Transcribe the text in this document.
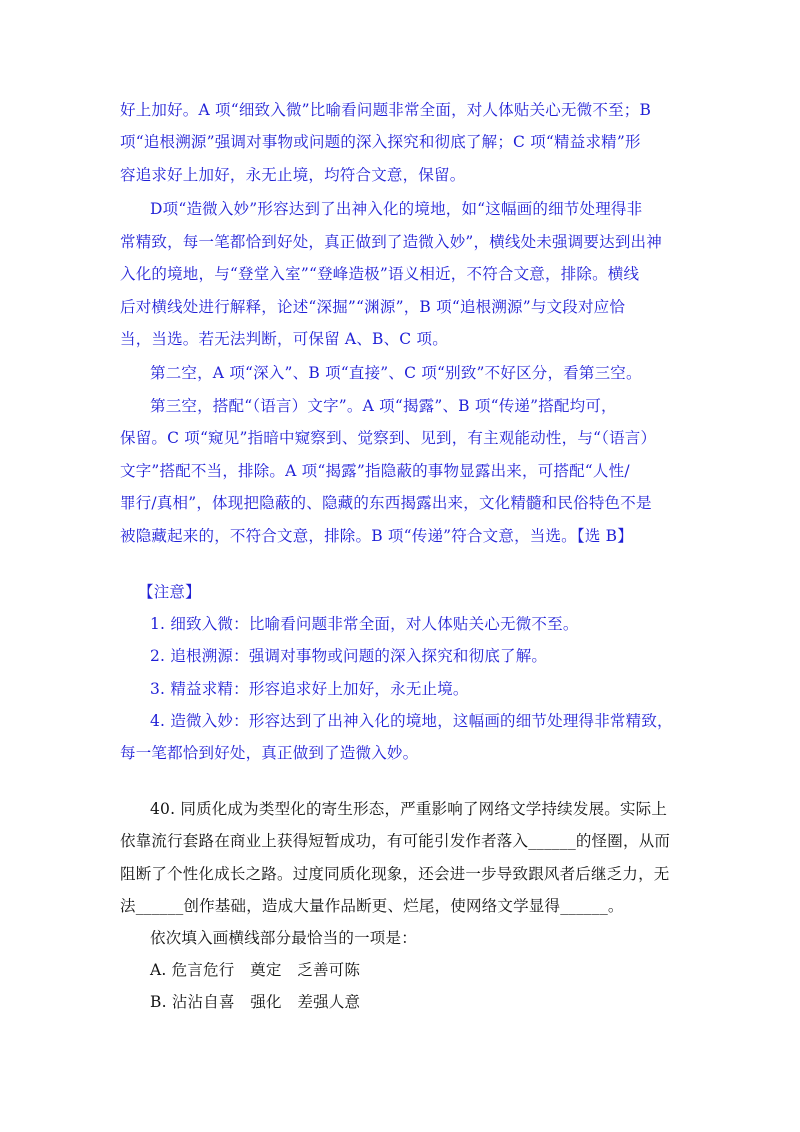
好上加好。A 项“细致入微”比喻看问题非常全面，对人体贴关心无微不至；B
项“追根溯源”强调对事物或问题的深入探究和彻底了解；C 项“精益求精”形
容追求好上加好，永无止境，均符合文意，保留。
D项“造微入妙”形容达到了出神入化的境地，如“这幅画的细节处理得非
常精致，每一笔都恰到好处，真正做到了造微入妙”，横线处未强调要达到出神
入化的境地，与“登堂入室”“登峰造极”语义相近，不符合文意，排除。横线
后对横线处进行解释，论述“深掘”“渊源”，B 项“追根溯源”与文段对应恰
当，当选。若无法判断，可保留 A、B、C 项。
第二空，A 项“深入”、B 项“直接”、C 项“别致”不好区分，看第三空。
第三空，搭配“（语言）文字”。A 项“揭露”、B 项“传递”搭配均可，
保留。C 项“窥见”指暗中窥察到、觉察到、见到，有主观能动性，与“（语言）
文字”搭配不当，排除。A 项“揭露”指隐蔽的事物显露出来，可搭配“人性/
罪行/真相”，体现把隐蔽的、隐藏的东西揭露出来，文化精髓和民俗特色不是
被隐藏起来的，不符合文意，排除。B 项“传递”符合文意，当选。【选 B】
【注意】
1. 细致入微：比喻看问题非常全面，对人体贴关心无微不至。
2. 追根溯源：强调对事物或问题的深入探究和彻底了解。
3. 精益求精：形容追求好上加好，永无止境。
4. 造微入妙：形容达到了出神入化的境地，这幅画的细节处理得非常精致，
每一笔都恰到好处，真正做到了造微入妙。
40. 同质化成为类型化的寄生形态，严重影响了网络文学持续发展。实际上
依靠流行套路在商业上获得短暂成功，有可能引发作者落入______的怪圈，从而
阻断了个性化成长之路。过度同质化现象，还会进一步导致跟风者后继乏力，无
法______创作基础，造成大量作品断更、烂尾，使网络文学显得______。
依次填入画横线部分最恰当的一项是：
A. 危言危行　奠定　乏善可陈
B. 沾沾自喜　强化　差强人意
